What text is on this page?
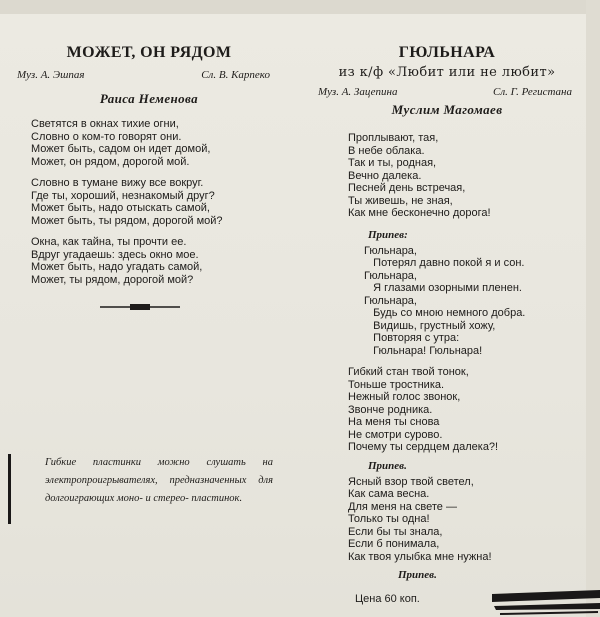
МОЖЕТ, ОН РЯДОМ
Муз. А. Эшпая	Сл. В. Карпеко
Раиса Неменова

Светятся в окнах тихие огни,
Словно о ком-то говорят они.
Может быть, садом он идет домой,
Может, он рядом, дорогой мой.

Словно в тумане вижу все вокруг.
Где ты, хороший, незнакомый друг?
Может быть, надо отыскать самой,
Может быть, ты рядом, дорогой мой?

Окна, как тайна, ты прочти ее.
Вдруг угадаешь: здесь окно мое.
Может быть, надо угадать самой,
Может, ты рядом, дорогой мой?

Гибкие пластинки можно слушать на электропроигрывателях, предназначенных для долгоиграющих моно- и стерео- пластинок.

ГЮЛЬНАРА

из к/ф «Любит или не любит»

Муз. А. Зацепина	Сл. Г. Регистана
Муслим Магомаев

Проплывают, тая,
В небе облака.
Так и ты, родная,
Вечно далека.
Песней день встречая,
Ты живешь, не зная,
Как мне бесконечно дорога!

Припев:

Гюльнара,
Потерял давно покой я и сон.
Гюльнара,
Я глазами озорными пленен.
Гюльнара,
Будь со мною немного добра.
Видишь, грустный хожу,
Повторяя с утра:
Гюльнара! Гюльнара!

Гибкий стан твой тонок,
Тоньше тростника.
Нежный голос звонок,
Звонче родника.
На меня ты снова
Не смотри сурово.
Почему ты сердцем далека?!

Припев.

Ясный взор твой светел,
Как сама весна.
Для меня на свете —
Только ты одна!
Если бы ты знала,
Если б понимала,
Как твоя улыбка мне нужна!

Припев.

Цена 60 коп.
